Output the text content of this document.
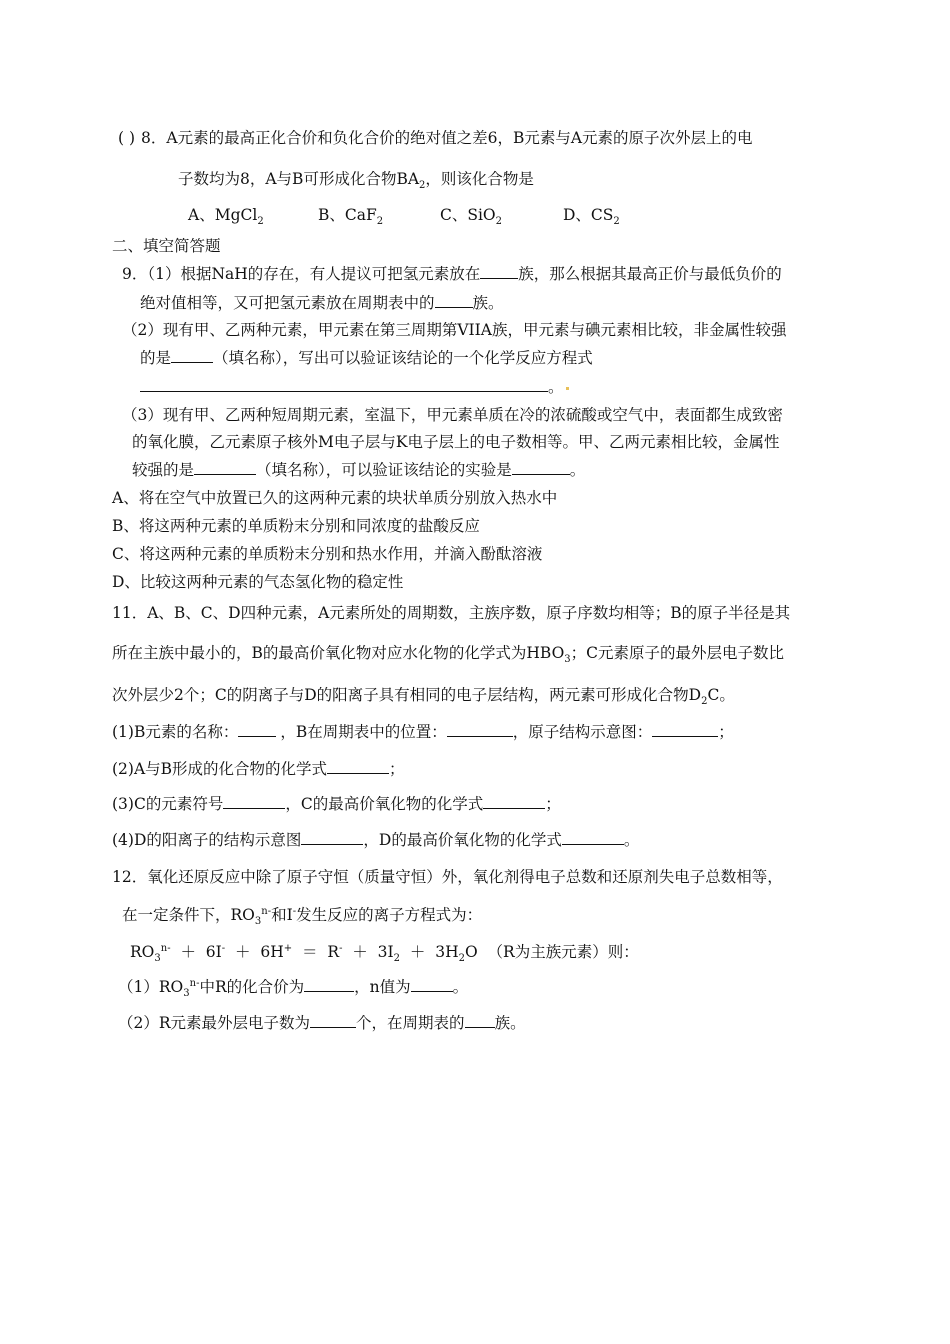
( ) 8．A元素的最高正化合价和负化合价的绝对值之差6，B元素与A元素的原子次外层上的电
子数均为8，A与B可形成化合物$BA_2$，则该化合物是
A、MgCl$_2$	B、CaF$_2$	C、SiO$_2$	D、$CS_2$
二、填空简答题
9．（1）根据NaH的存在，有人提议可把氢元素放在 族，那么根据其最高正价与最低负价的
绝对值相等，又可把氢元素放在周期表中的 族。
（2）现有甲、乙两种元素，甲元素在第三周期第VIIA族，甲元素与碘元素相比较，非金属性较强
的是	（填名称），写出可以验证该结论的一个化学反应方程式
。
（3）现有甲、乙两种短周期元素，室温下，甲元素单质在冷的浓硫酸或空气中，表面都生成致密
的氧化膜，乙元素原子核外M电子层与K电子层上的电子数相等。甲、乙两元素相比较，金属性
较强的是	（填名称），可以验证该结论的实验是	。
A、将在空气中放置已久的这两种元素的块状单质分别放入热水中
B、将这两种元素的单质粉末分别和同浓度的盐酸反应
C、将这两种元素的单质粉末分别和热水作用，并滴入酚酞溶液
D、比较这两种元素的气态氢化物的稳定性
11．A、B、C、D四种元素，A元素所处的周期数，主族序数，原子序数均相等；B的原子半径是其
所在主族中最小的，B的最高价氧化物对应水化物的化学式为$HBO_3$；C元素原子的最外层电子数比
次外层少2个；C的阴离子与D的阳离子具有相同的电子层结构，两元素可形成化合物$D_2C$。
(1)B元素的名称：	，B在周期表中的位置：	，原子结构示意图：	；
(2)A与B形成的化合物的化学式	；
(3)C的元素符号	，C的最高价氧化物的化学式	；
(4)D的阳离子的结构示意图	，D的最高价氧化物的化学式	。
12．氧化还原反应中除了原子守恒（质量守恒）外，氧化剂得电子总数和还原剂失电子总数相等，
在一定条件下，$RO_3^{n-}$和I-发生反应的离子方程式为：
$RO_3^{n-} + 6I^- + 6H^+ = R^- + 3I_2 + 3H_2O$  （R为主族元素）则：
$(1)RO_3^{n-}$中R的化合价为	，n值为	。
（2）R元素最外层电子数为	个，在周期表的 族。
